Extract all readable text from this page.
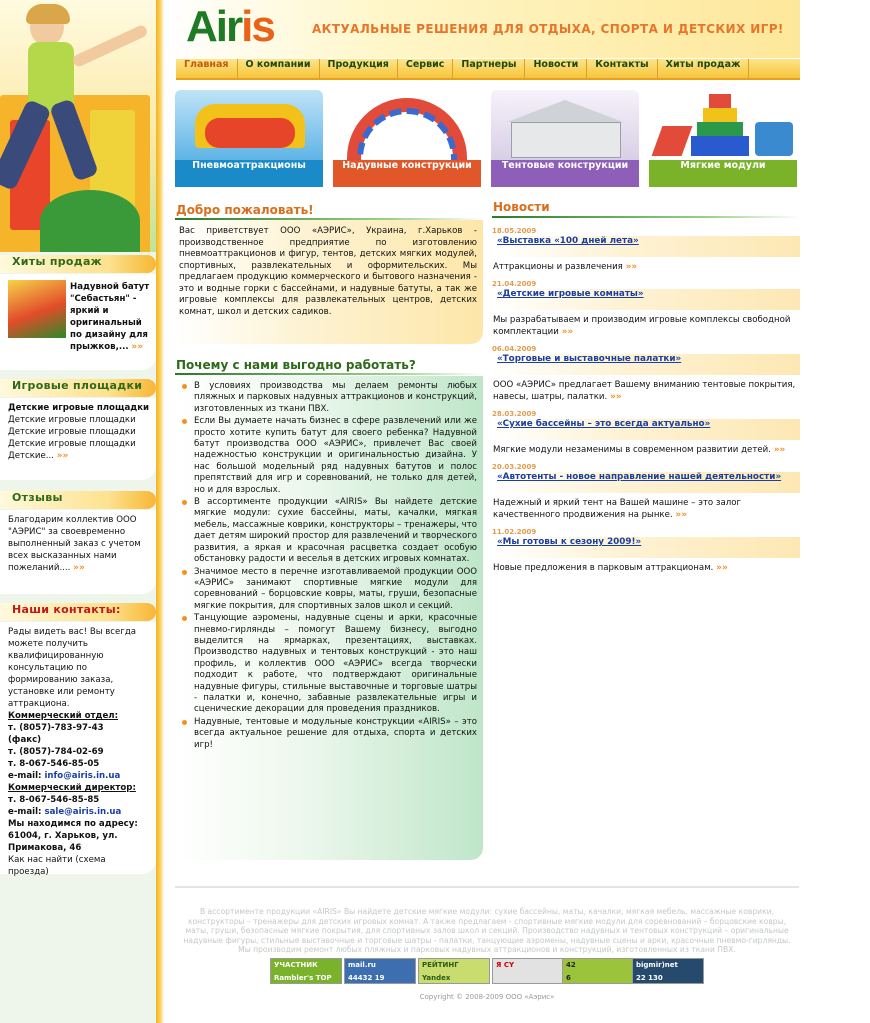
Airis	АКТУАЛЬНЫЕ РЕШЕНИЯ ДЛЯ ОТДЫХА, СПОРТА И ДЕТСКИХ ИГР!
Главная	О компании	Продукция	Сервис	Партнеры	Новости	Контакты	Хиты продаж
Пневмоаттракционы	Надувные конструкции	Тентовые конструкции	Мягкие модули
Добро пожаловать!
Вас приветствует ООО «АЭРИС», Украина, г.Харьков - производственное предприятие по изготовлению пневмоаттракционов и фигур, тентов, детских мягких модулей, спортивных, развлекательных и оформительских. Мы предлагаем продукцию коммерческого и бытового назначения - это и водные горки с бассейнами, и надувные батуты, а так же игровые комплексы для развлекательных центров, детских комнат, школ и детских садиков.
Почему с нами выгодно работать?
В условиях производства мы делаем ремонты любых пляжных и парковых надувных аттракционов и конструкций, изготовленных из ткани ПВХ.
Если Вы думаете начать бизнес в сфере развлечений или же просто хотите купить батут для своего ребенка? Надувной батут производства ООО «АЭРИС», привлечет Вас своей надежностью конструкции и оригинальностью дизайна. У нас большой модельный ряд надувных батутов и полос препятствий для игр и соревнований, не только для детей, но и для взрослых.
В ассортименте продукции «AIRIS» Вы найдете детские мягкие модули: сухие бассейны, маты, качалки, мягкая мебель, массажные коврики, конструкторы – тренажеры, что дает детям широкий простор для развлечений и творческого развития, а яркая и красочная расцветка создает особую обстановку радости и веселья в детских игровых комнатах.
Значимое место в перечне изготавливаемой продукции ООО «АЭРИС» занимают спортивные мягкие модули для соревнований – борцовские ковры, маты, груши, безопасные мягкие покрытия, для спортивных залов школ и секций.
Танцующие аэромены, надувные сцены и арки, красочные пневмо-гирлянды – помогут Вашему бизнесу, выгодно выделится на ярмарках, презентациях, выставках. Производство надувных и тентовых конструкций - это наш профиль, и коллектив ООО «АЭРИС» всегда творчески подходит к работе, что подтверждают оригинальные надувные фигуры, стильные выставочные и торговые шатры - палатки и, конечно, забавные развлекательные игры и сценические декорации для проведения праздников.
Надувные, тентовые и модульные конструкции «AIRIS» – это всегда актуальное решение для отдыха, спорта и детских игр!
Новости
18.05.2009
«Выставка «100 дней лета»
Аттракционы и развлечения »»
21.04.2009
«Детские игровые комнаты»
Мы разрабатываем и производим игровые комплексы свободной комплектации »»
06.04.2009
«Торговые и выставочные палатки»
ООО «АЭРИС» предлагает Вашему вниманию тентовые покрытия, навесы, шатры, палатки. »»
28.03.2009
«Сухие бассейны – это всегда актуально»
Мягкие модули незаменимы в современном развитии детей. »»
20.03.2009
«Автотенты - новое направление нашей деятельности»
Надежный и яркий тент на Вашей машине – это залог качественного продвижения на рынке. »»
11.02.2009
«Мы готовы к сезону 2009!»
Новые предложения в парковым аттракционам. »»
Хиты продаж
Надувной батут "Себастьян" - яркий и оригинальный по дизайну для прыжков,... »»
Игровые площадки
Детские игровые площадки
Детские игровые площадки
Детские игровые площадки
Детские игровые площадки
Детские... »»
Отзывы
Благодарим коллектив ООО "АЭРИС" за своевременно выполненный заказ с учетом всех высказанных нами пожеланий.... »»
Наши контакты:
Рады видеть вас! Вы всегда можете получить квалифицированную консультацию по формированию заказа, установке или ремонту аттракциона.
Коммерческий отдел:
т. (8057)-783-97-43 (факс)
т. (8057)-784-02-69
т. 8-067-546-85-05
e-mail: info@airis.in.ua
Коммерческий директор:
т. 8-067-546-85-85
e-mail: sale@airis.in.ua
Мы находимся по адресу: 61004, г. Харьков, ул. Примакова, 46
Как нас найти (схема проезда)
В ассортименте продукции «AIRIS» Вы найдете детские мягкие модули: сухие бассейны, маты, качалки, мягкая мебель, массажные коврики, конструкторы – тренажеры для детских игровых комнат. А также предлагаем - спортивные мягкие модули для соревнований – борцовские ковры, маты, груши, безопасные мягкие покрытия, для спортивных залов школ и секций. Производство надувных и тентовых конструкций – оригинальные надувные фигуры, стильные выставочные и торговые шатры - палатки, танцующие аэромены, надувные сцены и арки, красочные пневмо-гирлянды. Мы производим ремонт любых пляжных и парковых надувных аттракционов и конструкций, изготовленных из ткани ПВХ.
УЧАСТНИК
Rambler's TOP 100
mail.ru
44432 19
РЕЙТИНГ
Yandex
Я CY	42
6
bigmir)net
22 130
Copyright © 2008-2009 ООО «Аэрис»
